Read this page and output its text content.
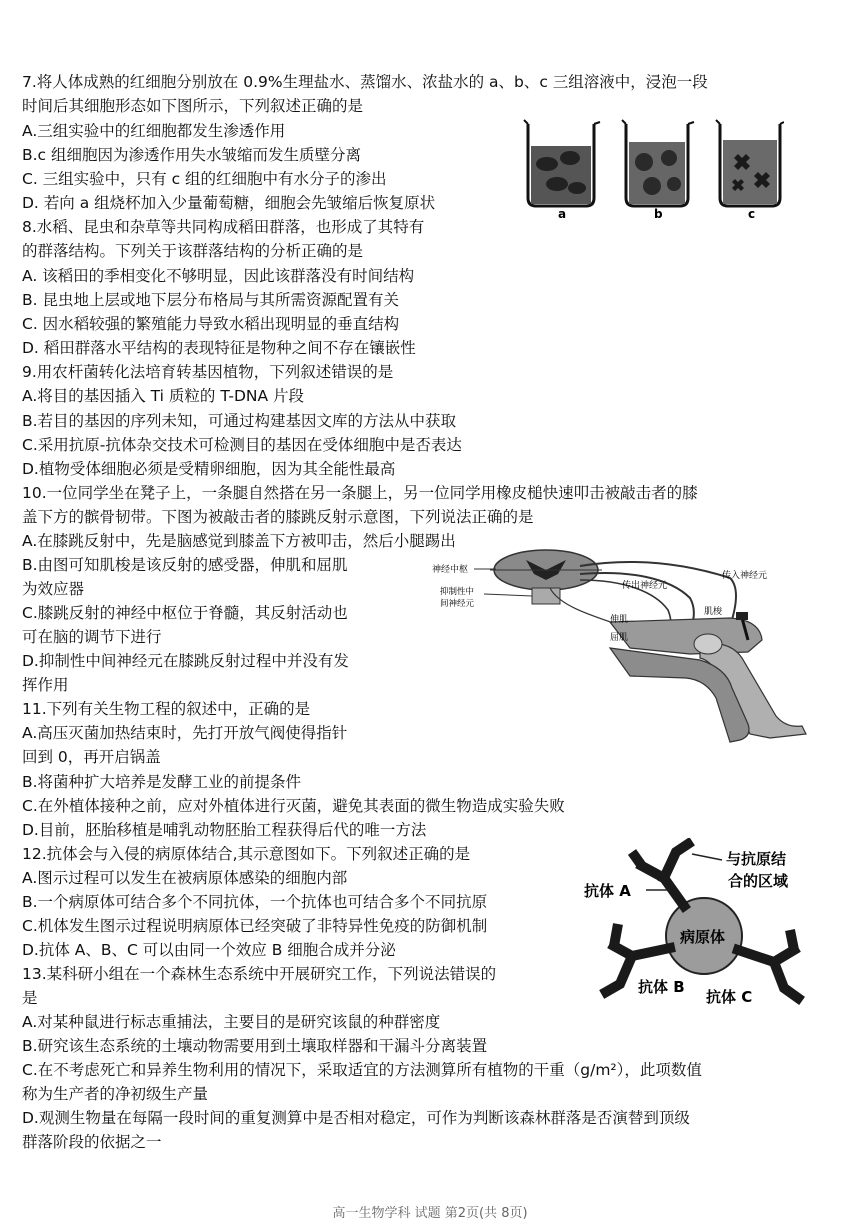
7.将人体成熟的红细胞分别放在 0.9%生理盐水、蒸馏水、浓盐水的 a、b、c 三组溶液中，浸泡一段
时间后其细胞形态如下图所示，下列叙述正确的是
A.三组实验中的红细胞都发生渗透作用
B.c 组细胞因为渗透作用失水皱缩而发生质壁分离
C. 三组实验中，只有 c 组的红细胞中有水分子的渗出
D. 若向 a 组烧杯加入少量葡萄糖，细胞会先皱缩后恢复原状
a	b	c
8.水稻、昆虫和杂草等共同构成稻田群落，也形成了其特有
的群落结构。下列关于该群落结构的分析正确的是
A. 该稻田的季相变化不够明显，因此该群落没有时间结构
B. 昆虫地上层或地下层分布格局与其所需资源配置有关
C. 因水稻较强的繁殖能力导致水稻出现明显的垂直结构
D. 稻田群落水平结构的表现特征是物种之间不存在镶嵌性
9.用农杆菌转化法培育转基因植物，下列叙述错误的是
A.将目的基因插入 Ti 质粒的 T-DNA 片段
B.若目的基因的序列未知，可通过构建基因文库的方法从中获取
C.采用抗原-抗体杂交技术可检测目的基因在受体细胞中是否表达
D.植物受体细胞必须是受精卵细胞，因为其全能性最高
10.一位同学坐在凳子上，一条腿自然搭在另一条腿上，另一位同学用橡皮槌快速叩击被敲击者的膝
盖下方的髌骨韧带。下图为被敲击者的膝跳反射示意图，下列说法正确的是
A.在膝跳反射中，先是脑感觉到膝盖下方被叩击，然后小腿踢出
B.由图可知肌梭是该反射的感受器，伸肌和屈肌
为效应器
C.膝跳反射的神经中枢位于脊髓，其反射活动也
可在脑的调节下进行
D.抑制性中间神经元在膝跳反射过程中并没有发
挥作用
神经中枢
抑制性中
间神经元
传出神经元
传入神经元
肌梭
伸肌
屈肌
11.下列有关生物工程的叙述中，正确的是
A.高压灭菌加热结束时，先打开放气阀使得指针
回到 0，再开启锅盖
B.将菌种扩大培养是发酵工业的前提条件
C.在外植体接种之前，应对外植体进行灭菌，避免其表面的微生物造成实验失败
D.目前，胚胎移植是哺乳动物胚胎工程获得后代的唯一方法
12.抗体会与入侵的病原体结合,其示意图如下。下列叙述正确的是
A.图示过程可以发生在被病原体感染的细胞内部
B.一个病原体可结合多个不同抗体，一个抗体也可结合多个不同抗原
C.机体发生图示过程说明病原体已经突破了非特异性免疫的防御机制
D.抗体 A、B、C 可以由同一个效应 B 细胞合成并分泌
与抗原结
合的区域
抗体 A
病原体
抗体 B
抗体 C
13.某科研小组在一个森林生态系统中开展研究工作，下列说法错误的
是
A.对某种鼠进行标志重捕法，主要目的是研究该鼠的种群密度
B.研究该生态系统的土壤动物需要用到土壤取样器和干漏斗分离装置
C.在不考虑死亡和异养生物利用的情况下，采取适宜的方法测算所有植物的干重（g/m²），此项数值
称为生产者的净初级生产量
D.观测生物量在每隔一段时间的重复测算中是否相对稳定，可作为判断该森林群落是否演替到顶级
群落阶段的依据之一
高一生物学科 试题 第2页(共 8页)
